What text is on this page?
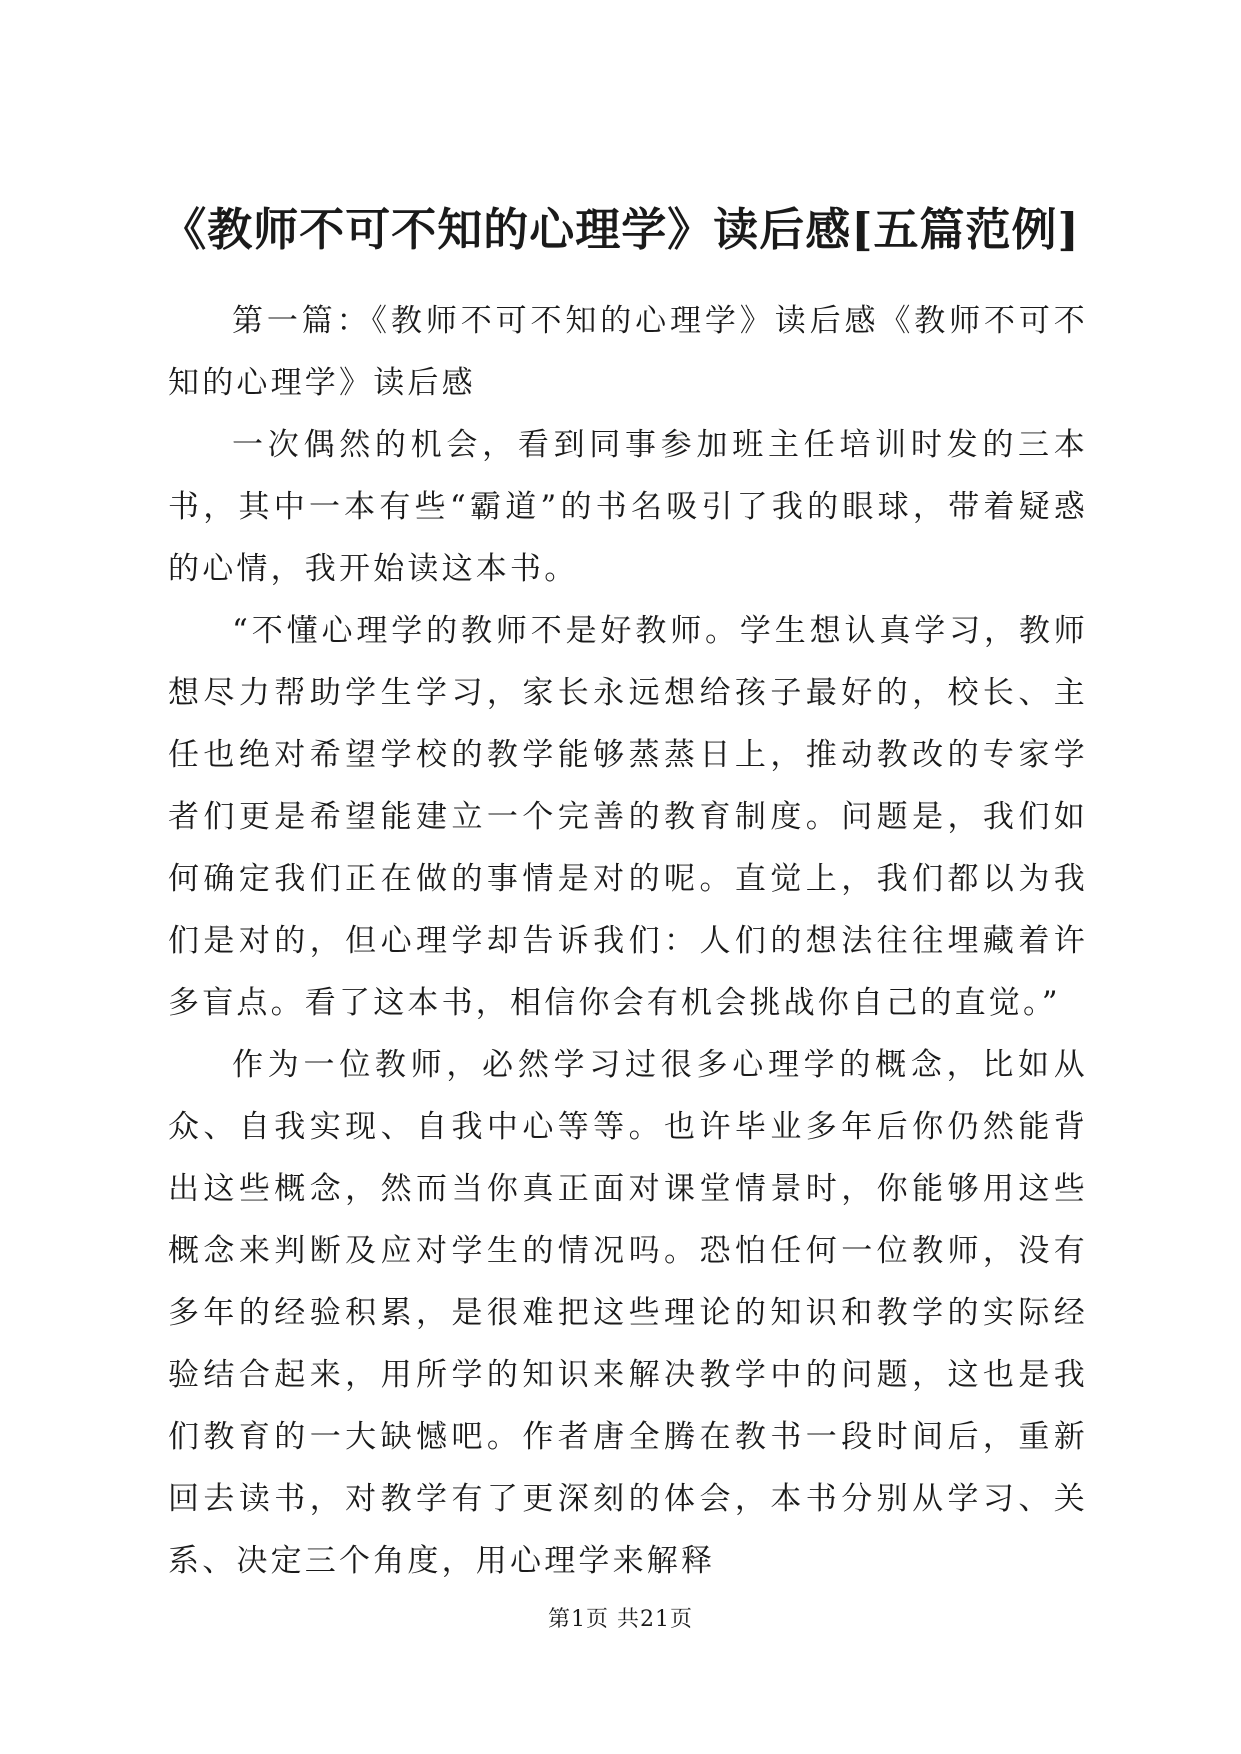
《教师不可不知的心理学》读后感[五篇范例]

第一篇：《教师不可不知的心理学》读后感《教师不可不知的心理学》读后感

一次偶然的机会，看到同事参加班主任培训时发的三本书，其中一本有些“霸道”的书名吸引了我的眼球，带着疑惑的心情，我开始读这本书。

“不懂心理学的教师不是好教师。学生想认真学习，教师想尽力帮助学生学习，家长永远想给孩子最好的，校长、主任也绝对希望学校的教学能够蒸蒸日上，推动教改的专家学者们更是希望能建立一个完善的教育制度。问题是，我们如何确定我们正在做的事情是对的呢。直觉上，我们都以为我们是对的，但心理学却告诉我们：人们的想法往往埋藏着许多盲点。看了这本书，相信你会有机会挑战你自己的直觉。”

作为一位教师，必然学习过很多心理学的概念，比如从众、自我实现、自我中心等等。也许毕业多年后你仍然能背出这些概念，然而当你真正面对课堂情景时，你能够用这些概念来判断及应对学生的情况吗。恐怕任何一位教师，没有多年的经验积累，是很难把这些理论的知识和教学的实际经验结合起来，用所学的知识来解决教学中的问题，这也是我们教育的一大缺憾吧。作者唐全腾在教书一段时间后，重新回去读书，对教学有了更深刻的体会，本书分别从学习、关系、决定三个角度，用心理学来解释

第1页 共21页
